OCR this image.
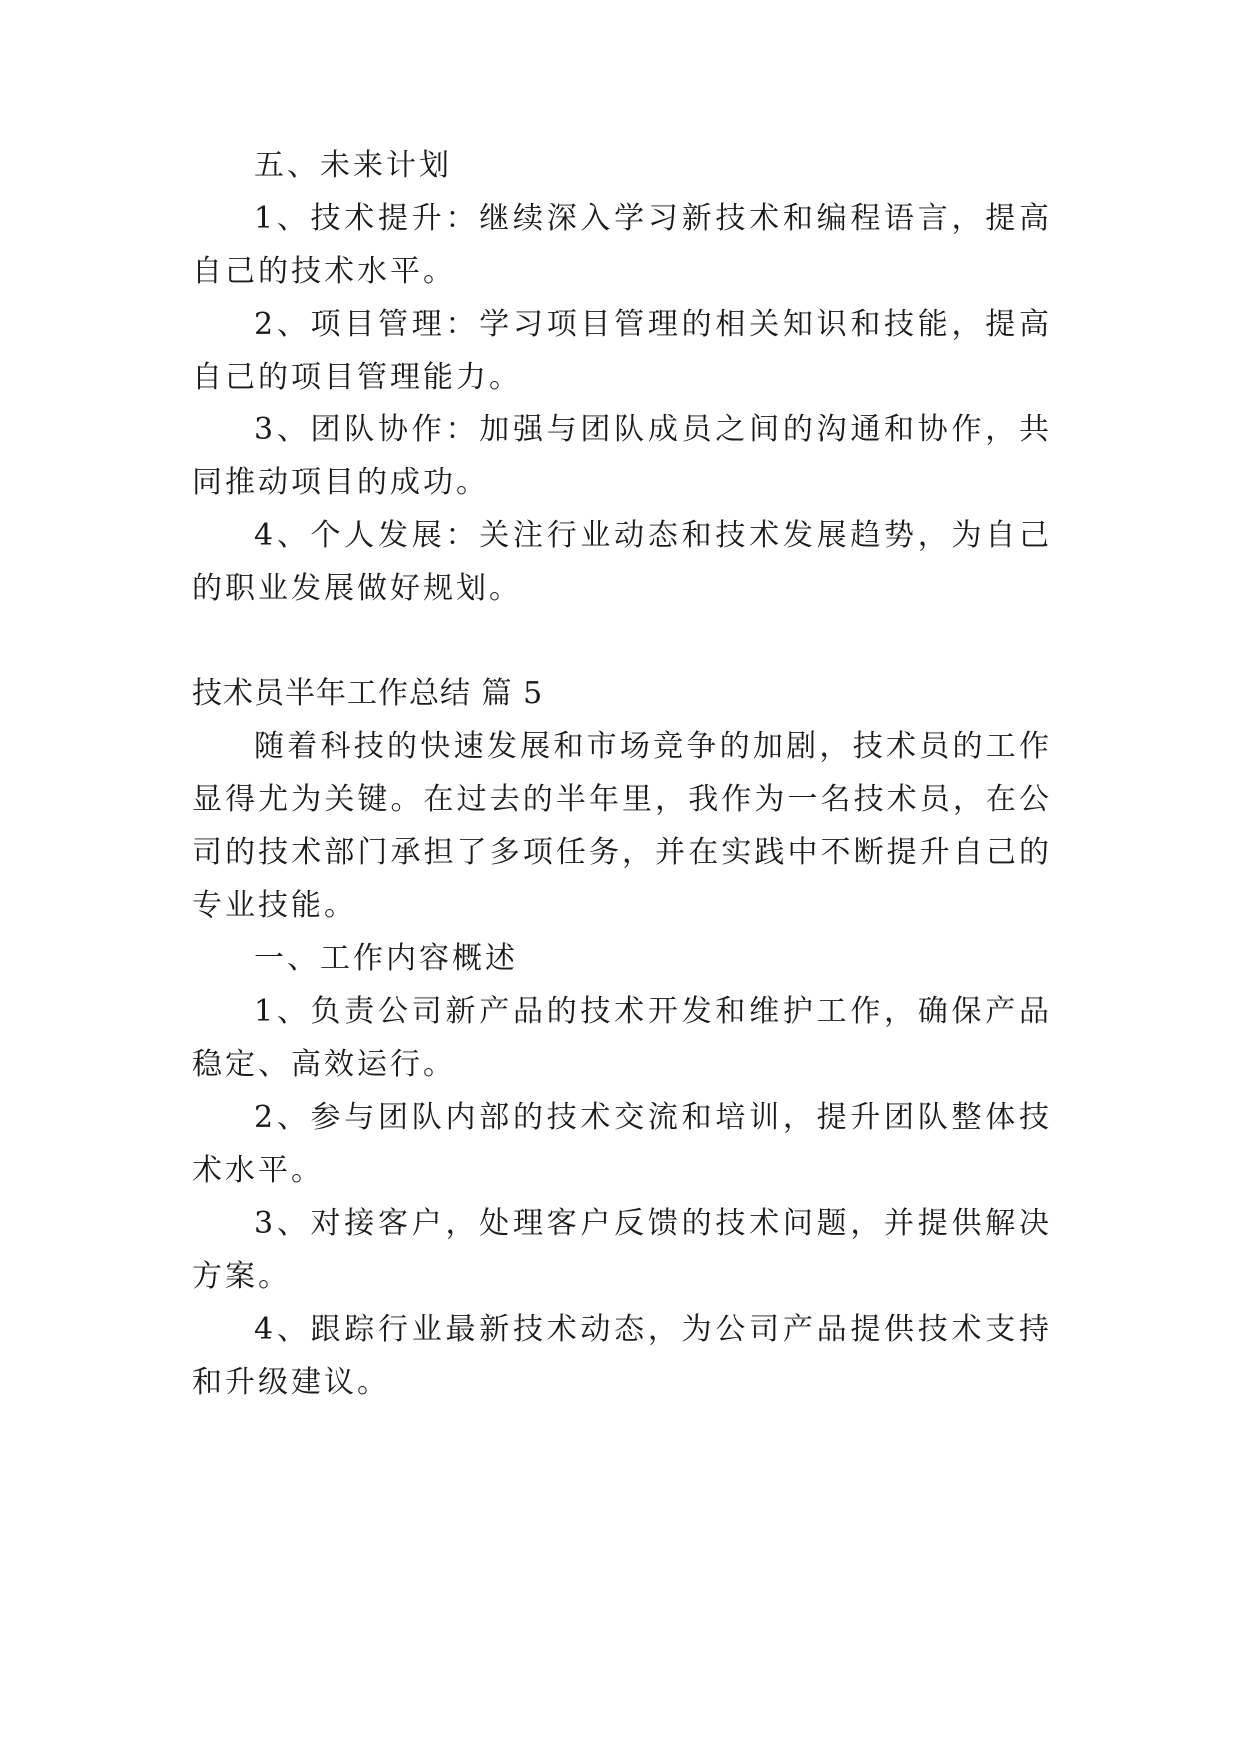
五、未来计划
1、技术提升：继续深入学习新技术和编程语言，提高
自己的技术水平。
2、项目管理：学习项目管理的相关知识和技能，提高
自己的项目管理能力。
3、团队协作：加强与团队成员之间的沟通和协作，共
同推动项目的成功。
4、个人发展：关注行业动态和技术发展趋势，为自己
的职业发展做好规划。
技术员半年工作总结 篇 5
随着科技的快速发展和市场竞争的加剧，技术员的工作
显得尤为关键。在过去的半年里，我作为一名技术员，在公
司的技术部门承担了多项任务，并在实践中不断提升自己的
专业技能。
一、工作内容概述
1、负责公司新产品的技术开发和维护工作，确保产品
稳定、高效运行。
2、参与团队内部的技术交流和培训，提升团队整体技
术水平。
3、对接客户，处理客户反馈的技术问题，并提供解决
方案。
4、跟踪行业最新技术动态，为公司产品提供技术支持
和升级建议。
